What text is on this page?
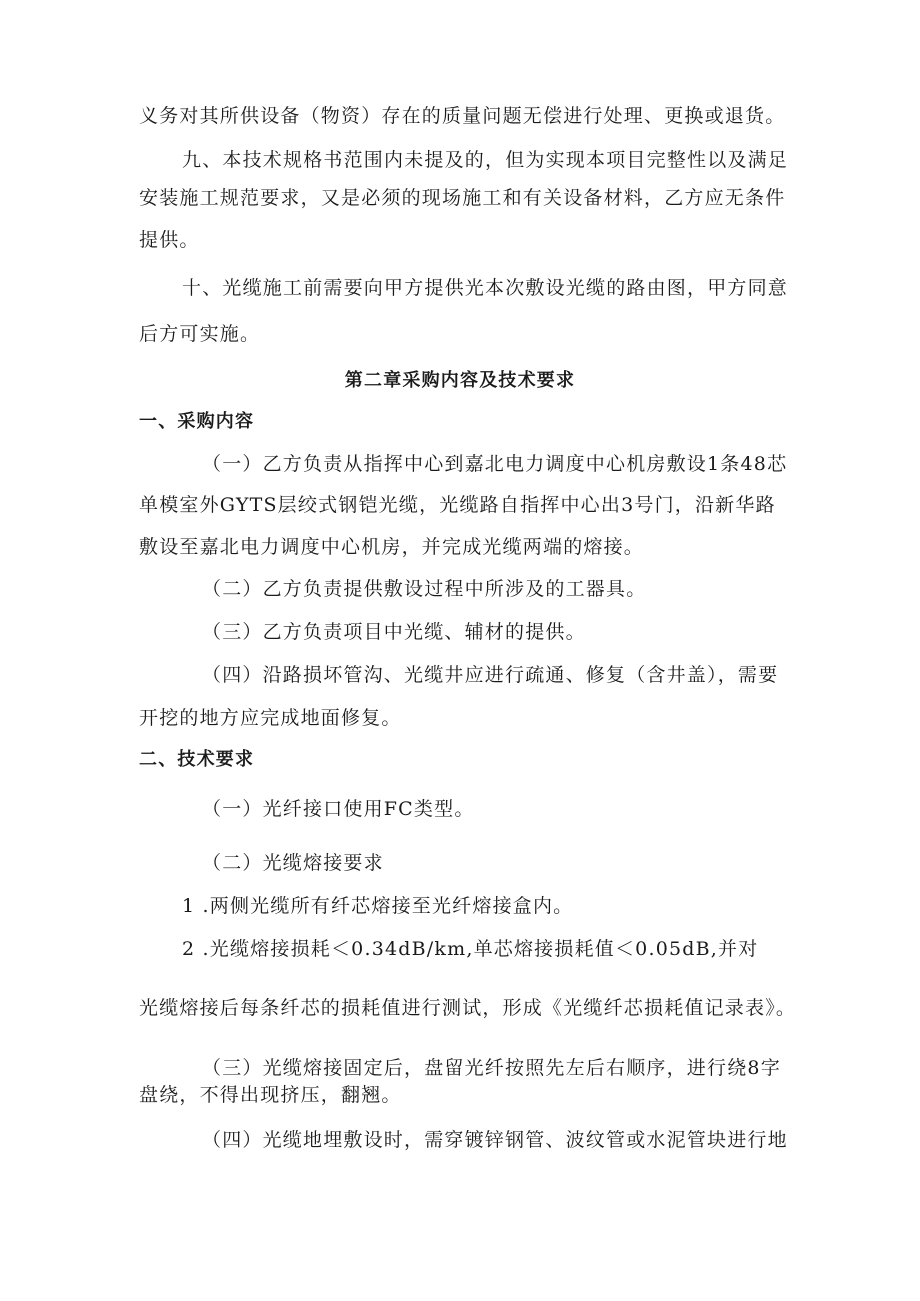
义务对其所供设备（物资）存在的质量问题无偿进行处理、更换或退货。
九、本技术规格书范围内未提及的，但为实现本项目完整性以及满足
安装施工规范要求，又是必须的现场施工和有关设备材料，乙方应无条件
提供。
十、光缆施工前需要向甲方提供光本次敷设光缆的路由图，甲方同意
后方可实施。
第二章采购内容及技术要求
一、采购内容
（一）乙方负责从指挥中心到嘉北电力调度中心机房敷设1条48芯
单模室外GYTS层绞式钢铠光缆，光缆路自指挥中心出3号门，沿新华路
敷设至嘉北电力调度中心机房，并完成光缆两端的熔接。
（二）乙方负责提供敷设过程中所涉及的工器具。
（三）乙方负责项目中光缆、辅材的提供。
（四）沿路损坏管沟、光缆井应进行疏通、修复（含井盖），需要
开挖的地方应完成地面修复。
二、技术要求
（一）光纤接口使用FC类型。
（二）光缆熔接要求
1 .两侧光缆所有纤芯熔接至光纤熔接盒内。
2 .光缆熔接损耗＜0.34dB/km,单芯熔接损耗值＜0.05dB,并对
光缆熔接后每条纤芯的损耗值进行测试，形成《光缆纤芯损耗值记录表》。
（三）光缆熔接固定后，盘留光纤按照先左后右顺序，进行绕8字
盘绕，不得出现挤压，翻翘。
（四）光缆地埋敷设时，需穿镀锌钢管、波纹管或水泥管块进行地
